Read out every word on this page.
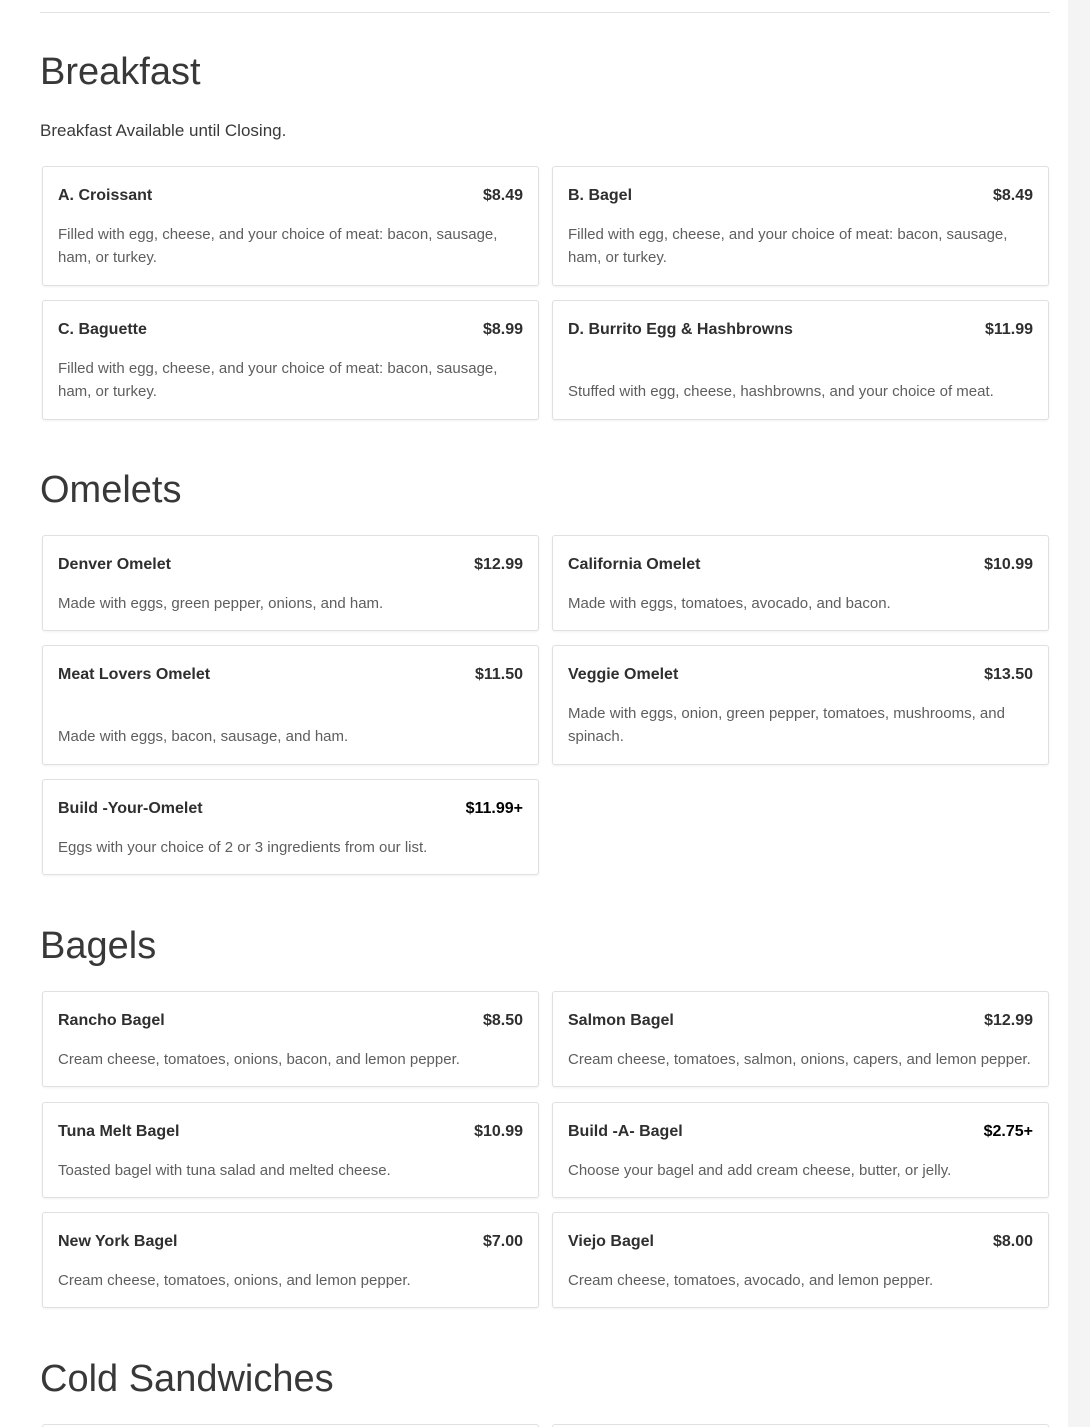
Breakfast
Breakfast Available until Closing.
A. Croissant	$8.49
Filled with egg, cheese, and your choice of meat: bacon, sausage, ham, or turkey.
B. Bagel	$8.49
Filled with egg, cheese, and your choice of meat: bacon, sausage, ham, or turkey.
C. Baguette	$8.99
Filled with egg, cheese, and your choice of meat: bacon, sausage, ham, or turkey.
D. Burrito Egg & Hashbrowns	$11.99
Stuffed with egg, cheese, hashbrowns, and your choice of meat.
Omelets
Denver Omelet	$12.99
Made with eggs, green pepper, onions, and ham.
California Omelet	$10.99
Made with eggs, tomatoes, avocado, and bacon.
Meat Lovers Omelet	$11.50
Made with eggs, bacon, sausage, and ham.
Veggie Omelet	$13.50
Made with eggs, onion, green pepper, tomatoes, mushrooms, and spinach.
Build -Your-Omelet	$11.99+
Eggs with your choice of 2 or 3 ingredients from our list.
Bagels
Rancho Bagel	$8.50
Cream cheese, tomatoes, onions, bacon, and lemon pepper.
Salmon Bagel	$12.99
Cream cheese, tomatoes, salmon, onions, capers, and lemon pepper.
Tuna Melt Bagel	$10.99
Toasted bagel with tuna salad and melted cheese.
Build -A- Bagel	$2.75+
Choose your bagel and add cream cheese, butter, or jelly.
New York Bagel	$7.00
Cream cheese, tomatoes, onions, and lemon pepper.
Viejo Bagel	$8.00
Cream cheese, tomatoes, avocado, and lemon pepper.
Cold Sandwiches
